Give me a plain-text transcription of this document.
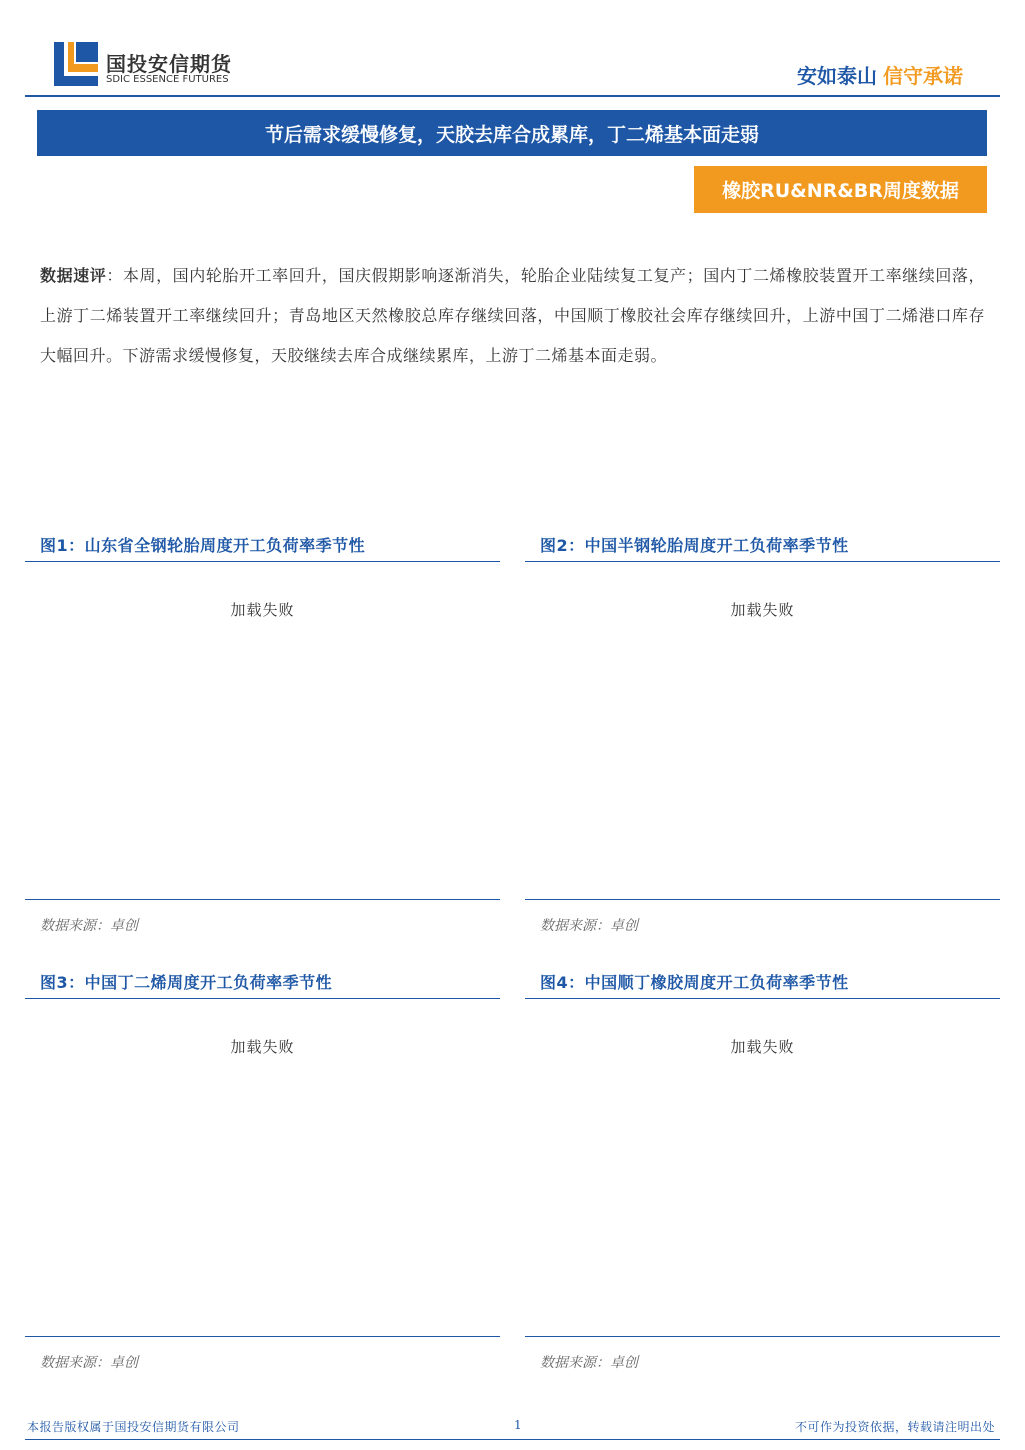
国投安信期货
SDIC ESSENCE FUTURES	安如泰山 信守承诺
节后需求缓慢修复，天胶去库合成累库，丁二烯基本面走弱
橡胶RU&NR&BR周度数据
数据速评：本周，国内轮胎开工率回升，国庆假期影响逐渐消失，轮胎企业陆续复工复产；国内丁二烯橡胶装置开工率继续回落，上游丁二烯装置开工率继续回升；青岛地区天然橡胶总库存继续回落，中国顺丁橡胶社会库存继续回升，上游中国丁二烯港口库存大幅回升。下游需求缓慢修复，天胶继续去库合成继续累库，上游丁二烯基本面走弱。
图1：山东省全钢轮胎周度开工负荷率季节性
加载失败
数据来源：卓创
图2：中国半钢轮胎周度开工负荷率季节性
加载失败
数据来源：卓创
图3：中国丁二烯周度开工负荷率季节性
加载失败
数据来源：卓创
图4：中国顺丁橡胶周度开工负荷率季节性
加载失败
数据来源：卓创
本报告版权属于国投安信期货有限公司	1	不可作为投资依据，转载请注明出处
